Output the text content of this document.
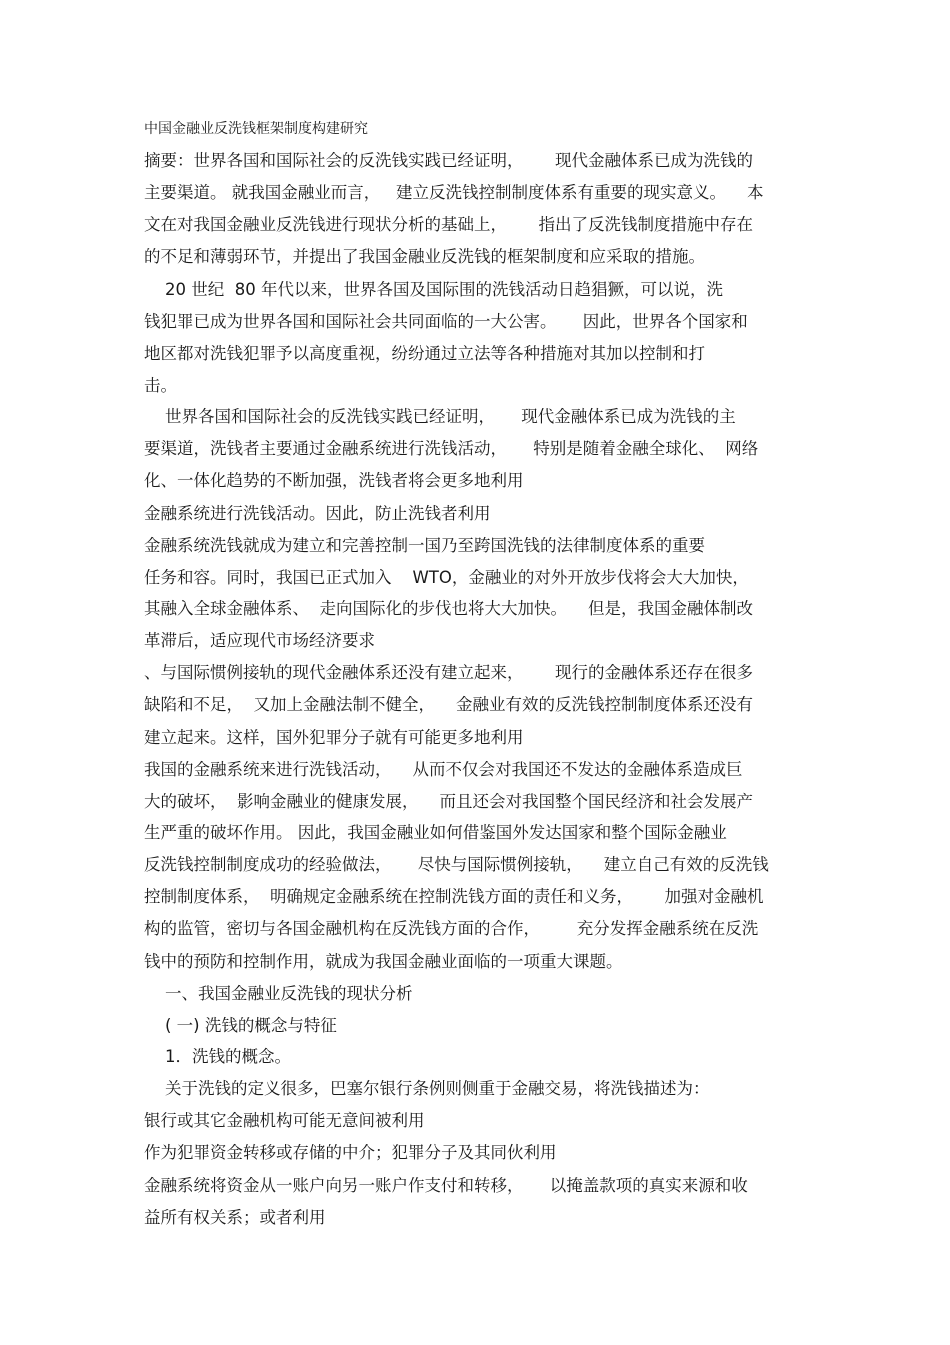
中国金融业反洗钱框架制度构建研究
摘要：世界各国和国际社会的反洗钱实践已经证明，      现代金融体系已成为洗钱的
主要渠道。 就我国金融业而言，   建立反洗钱控制制度体系有重要的现实意义。    本
文在对我国金融业反洗钱进行现状分析的基础上，      指出了反洗钱制度措施中存在
的不足和薄弱环节，并提出了我国金融业反洗钱的框架制度和应采取的措施。
20 世纪  80 年代以来，世界各国及国际围的洗钱活动日趋猖獗，可以说，洗
钱犯罪已成为世界各国和国际社会共同面临的一大公害。     因此，世界各个国家和
地区都对洗钱犯罪予以高度重视，纷纷通过立法等各种措施对其加以控制和打
击。
世界各国和国际社会的反洗钱实践已经证明，     现代金融体系已成为洗钱的主
要渠道，洗钱者主要通过金融系统进行洗钱活动，     特别是随着金融全球化、  网络
化、一体化趋势的不断加强，洗钱者将会更多地利用
金融系统进行洗钱活动。因此，防止洗钱者利用
金融系统洗钱就成为建立和完善控制一国乃至跨国洗钱的法律制度体系的重要
任务和容。同时，我国已正式加入    WTO，金融业的对外开放步伐将会大大加快，
其融入全球金融体系、  走向国际化的步伐也将大大加快。    但是，我国金融体制改
革滞后，适应现代市场经济要求
、与国际惯例接轨的现代金融体系还没有建立起来，      现行的金融体系还存在很多
缺陷和不足，  又加上金融法制不健全，    金融业有效的反洗钱控制制度体系还没有
建立起来。这样，国外犯罪分子就有可能更多地利用
我国的金融系统来进行洗钱活动，    从而不仅会对我国还不发达的金融体系造成巨
大的破坏，  影响金融业的健康发展，    而且还会对我国整个国民经济和社会发展产
生严重的破坏作用。 因此，我国金融业如何借鉴国外发达国家和整个国际金融业
反洗钱控制制度成功的经验做法，     尽快与国际惯例接轨，    建立自己有效的反洗钱
控制制度体系，  明确规定金融系统在控制洗钱方面的责任和义务，      加强对金融机
构的监管，密切与各国金融机构在反洗钱方面的合作，       充分发挥金融系统在反洗
钱中的预防和控制作用，就成为我国金融业面临的一项重大课题。
一、我国金融业反洗钱的现状分析
( 一) 洗钱的概念与特征
1．洗钱的概念。
关于洗钱的定义很多，巴塞尔银行条例则侧重于金融交易，将洗钱描述为：
银行或其它金融机构可能无意间被利用
作为犯罪资金转移或存储的中介；犯罪分子及其同伙利用
金融系统将资金从一账户向另一账户作支付和转移，     以掩盖款项的真实来源和收
益所有权关系；或者利用
